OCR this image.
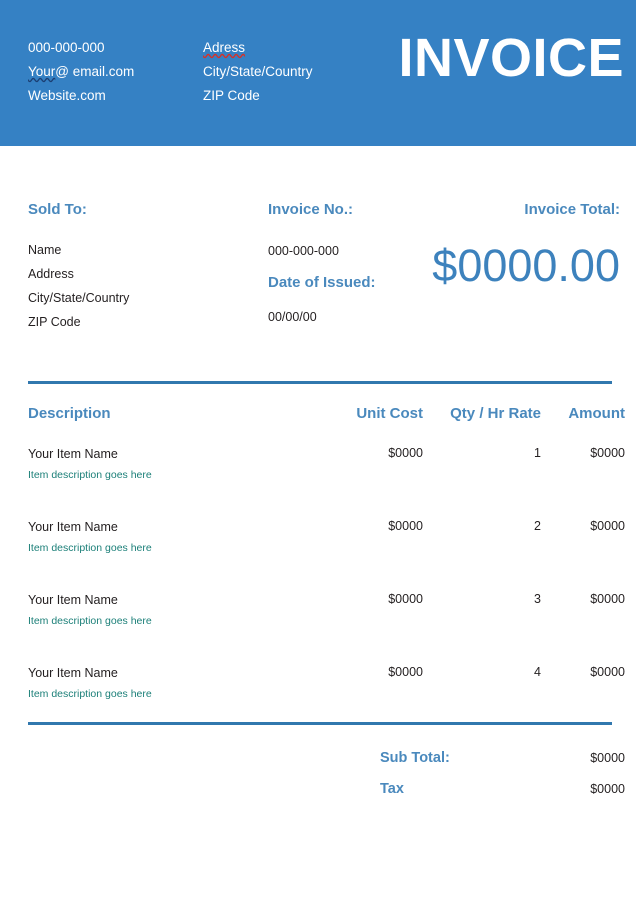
000-000-000
Your@ email.com
Website.com
Adress
City/State/Country
ZIP Code
INVOICE
Sold To:
Name
Address
City/State/Country
ZIP Code
Invoice No.:
000-000-000
Date of Issued:
00/00/00
Invoice Total:
$0000.00
Description	Unit Cost	Qty / Hr Rate	Amount

Your Item Name
Item description goes here	$0000	1	$0000

Your Item Name
Item description goes here	$0000	2	$0000

Your Item Name
Item description goes here	$0000	3	$0000

Your Item Name
Item description goes here	$0000	4	$0000
Sub Total:	$0000
Tax	$0000
